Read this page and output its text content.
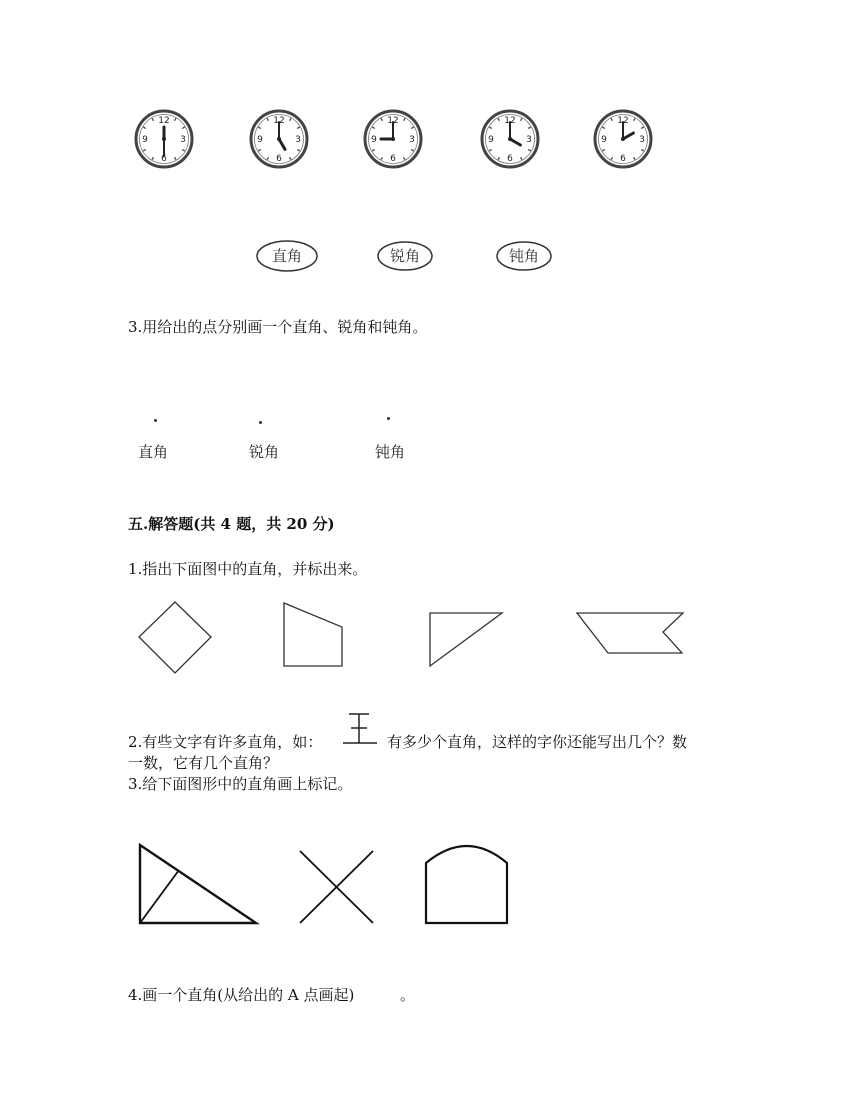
12
3
6
9
12
3
6
9
12
3
6
9
12
3
6
9
12
3
6
9
直角	锐角	钝角
3.用给出的点分别画一个直角、锐角和钝角。
直角	锐角	钝角
五.解答题(共 4 题，共 20 分)
1.指出下面图中的直角，并标出来。
2.有些文字有许多直角，如：	有多少个直角，这样的字你还能写出几个？数
一数，它有几个直角？
3.给下面图形中的直角画上标记。
4.画一个直角(从给出的 A 点画起)	。
